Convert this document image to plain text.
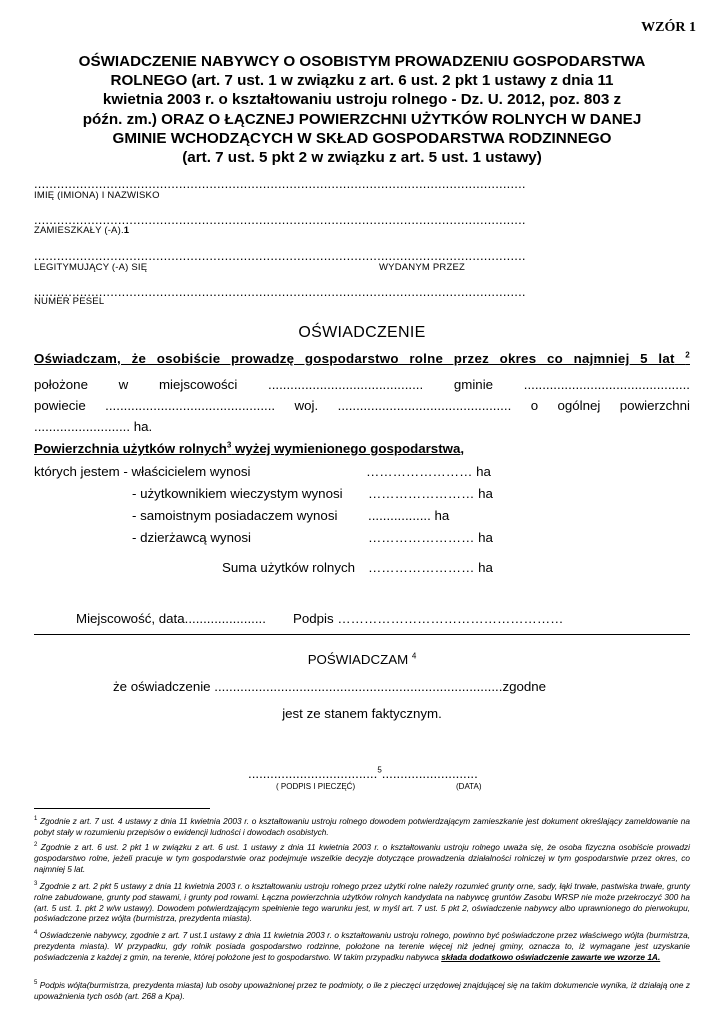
WZÓR 1
OŚWIADCZENIE NABYWCY O OSOBISTYM PROWADZENIU GOSPODARSTWA
ROLNEGO (art. 7 ust. 1 w związku z art. 6 ust. 2 pkt 1 ustawy z dnia 11
kwietnia 2003 r. o kształtowaniu ustroju rolnego - Dz. U. 2012, poz. 803 z
późn. zm.) ORAZ O ŁĄCZNEJ POWIERZCHNI UŻYTKÓW ROLNYCH W DANEJ
GMINIE WCHODZĄCYCH W SKŁAD GOSPODARSTWA RODZINNEGO
(art. 7 ust. 5 pkt 2 w związku z art. 5 ust. 1 ustawy)
.................................................................................................................................
IMIĘ (IMIONA) I NAZWISKO
.................................................................................................................................
ZAMIESZKAŁY (-A).1
.................................................................................................................................
LEGITYMUJĄCY (-A) SIĘ	WYDANYM PRZEZ
.................................................................................................................................
NUMER PESEL
OŚWIADCZENIE
Oświadczam, że osobiście prowadzę gospodarstwo rolne przez okres co najmniej 5 lat $^2$
położone w miejscowości .......................................... gminie .............................................
powiecie .............................................. woj. ............................................... o ogólnej powierzchni
.......................... ha.
Powierzchnia użytków rolnych$^3$ wyżej wymienionego gospodarstwa,
których jestem - właścicielem wynosi	…………………… ha
- użytkownikiem wieczystym wynosi …………………… ha
- samoistnym posiadaczem wynosi ................. ha
- dzierżawcą wynosi	…………………… ha
Suma użytków rolnych …………………… ha
Miejscowość, data...................... Podpis ……………………………………………
POŚWIADCZAM $^4$
że oświadczenie ..............................................................................zgodne
jest ze stanem faktycznym.
...................................$^5$..........................
( PODPIS I PIECZĘĆ)	(DATA)
$^1$ Zgodnie z art. 7 ust. 4 ustawy z dnia 11 kwietnia 2003 r. o kształtowaniu ustroju rolnego dowodem potwierdzającym zamieszkanie jest dokument określający zameldowanie na pobyt stały w rozumieniu przepisów o ewidencji ludności i dowodach osobistych.
$^2$ Zgodnie z art. 6 ust. 2 pkt 1 w związku z art. 6 ust. 1 ustawy z dnia 11 kwietnia 2003 r. o kształtowaniu ustroju rolnego uważa się, że osoba fizyczna osobiście prowadzi gospodarstwo rolne, jeżeli pracuje w tym gospodarstwie oraz podejmuje wszelkie decyzje dotyczące prowadzenia działalności rolniczej w tym gospodarstwie przez okres, co najmniej 5 lat.
$^3$ Zgodnie z art. 2 pkt 5 ustawy z dnia 11 kwietnia 2003 r. o kształtowaniu ustroju rolnego przez użytki rolne należy rozumieć grunty orne, sady, łąki trwałe, pastwiska trwałe, grunty rolne zabudowane, grunty pod stawami, i grunty pod rowami. Łączna powierzchnia użytków rolnych kandydata na nabywcę gruntów Zasobu WRSP nie może przekroczyć 300 ha (art. 5 ust. 1. pkt 2 w/w ustawy). Dowodem potwierdzającym spełnienie tego warunku jest, w myśl art. 7 ust. 5 pkt 2, oświadczenie nabywcy albo uprawnionego do pierwokupu, poświadczone przez wójta (burmistrza, prezydenta miasta).
$^4$ Oświadczenie nabywcy, zgodnie z art. 7 ust.1 ustawy z dnia 11 kwietnia 2003 r. o kształtowaniu ustroju rolnego, powinno być poświadczone przez właściwego wójta (burmistrza, prezydenta miasta). W przypadku, gdy rolnik posiada gospodarstwo rodzinne, położone na terenie więcej niż jednej gminy, oznacza to, iż wymagane jest uzyskanie poświadczenia z każdej z gmin, na terenie, której położone jest to gospodarstwo. W takim przypadku nabywca składa dodatkowo oświadczenie zawarte we wzorze 1A.
$^5$ Podpis wójta(burmistrza, prezydenta miasta) lub osoby upoważnionej przez te podmioty, o ile z pieczęci urzędowej znajdującej się na takim dokumencie wynika, iż działają one z upoważnienia tych osób (art. 268 a Kpa).
